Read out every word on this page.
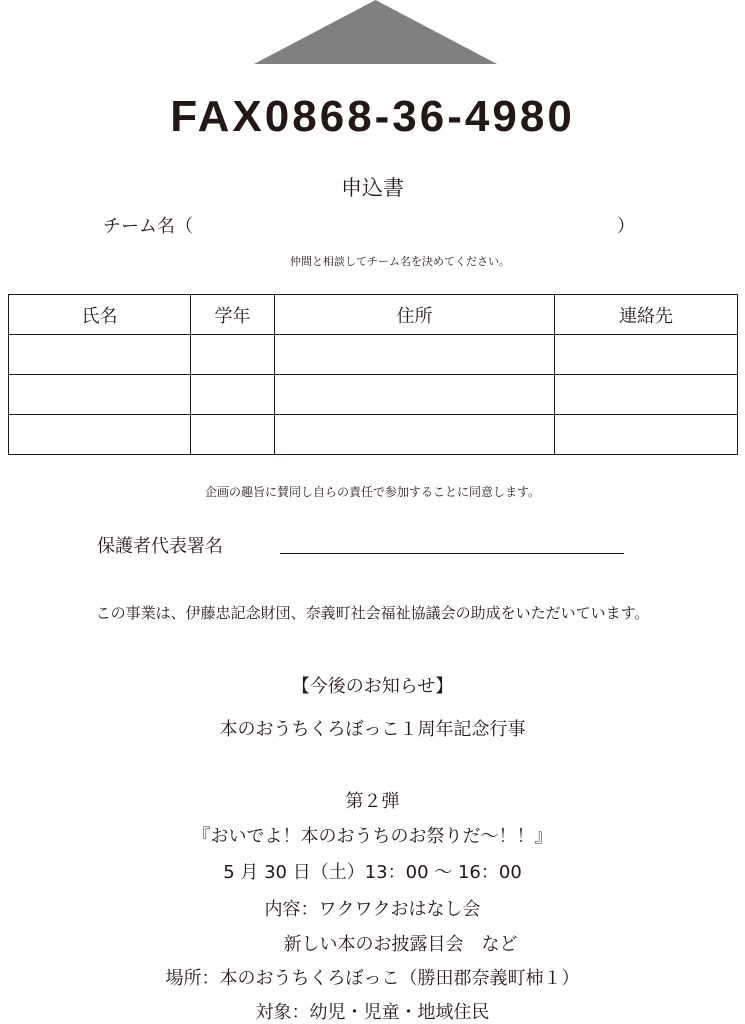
FAX0868-36-4980
申込書
チーム名（	）
仲間と相談してチーム名を決めてください。
氏名	学年	住所	連絡先

企画の趣旨に賛同し自らの責任で参加することに同意します。
保護者代表署名
この事業は、伊藤忠記念財団、奈義町社会福祉協議会の助成をいただいています。
【今後のお知らせ】
本のおうちくろぼっこ１周年記念行事
第２弾
『おいでよ！本のおうちのお祭りだ～！！』
5 月 30 日（土）13：00 ～ 16：00
内容：ワクワクおはなし会
新しい本のお披露目会　など
場所：本のおうちくろぼっこ（勝田郡奈義町柿１）
対象：幼児・児童・地域住民
